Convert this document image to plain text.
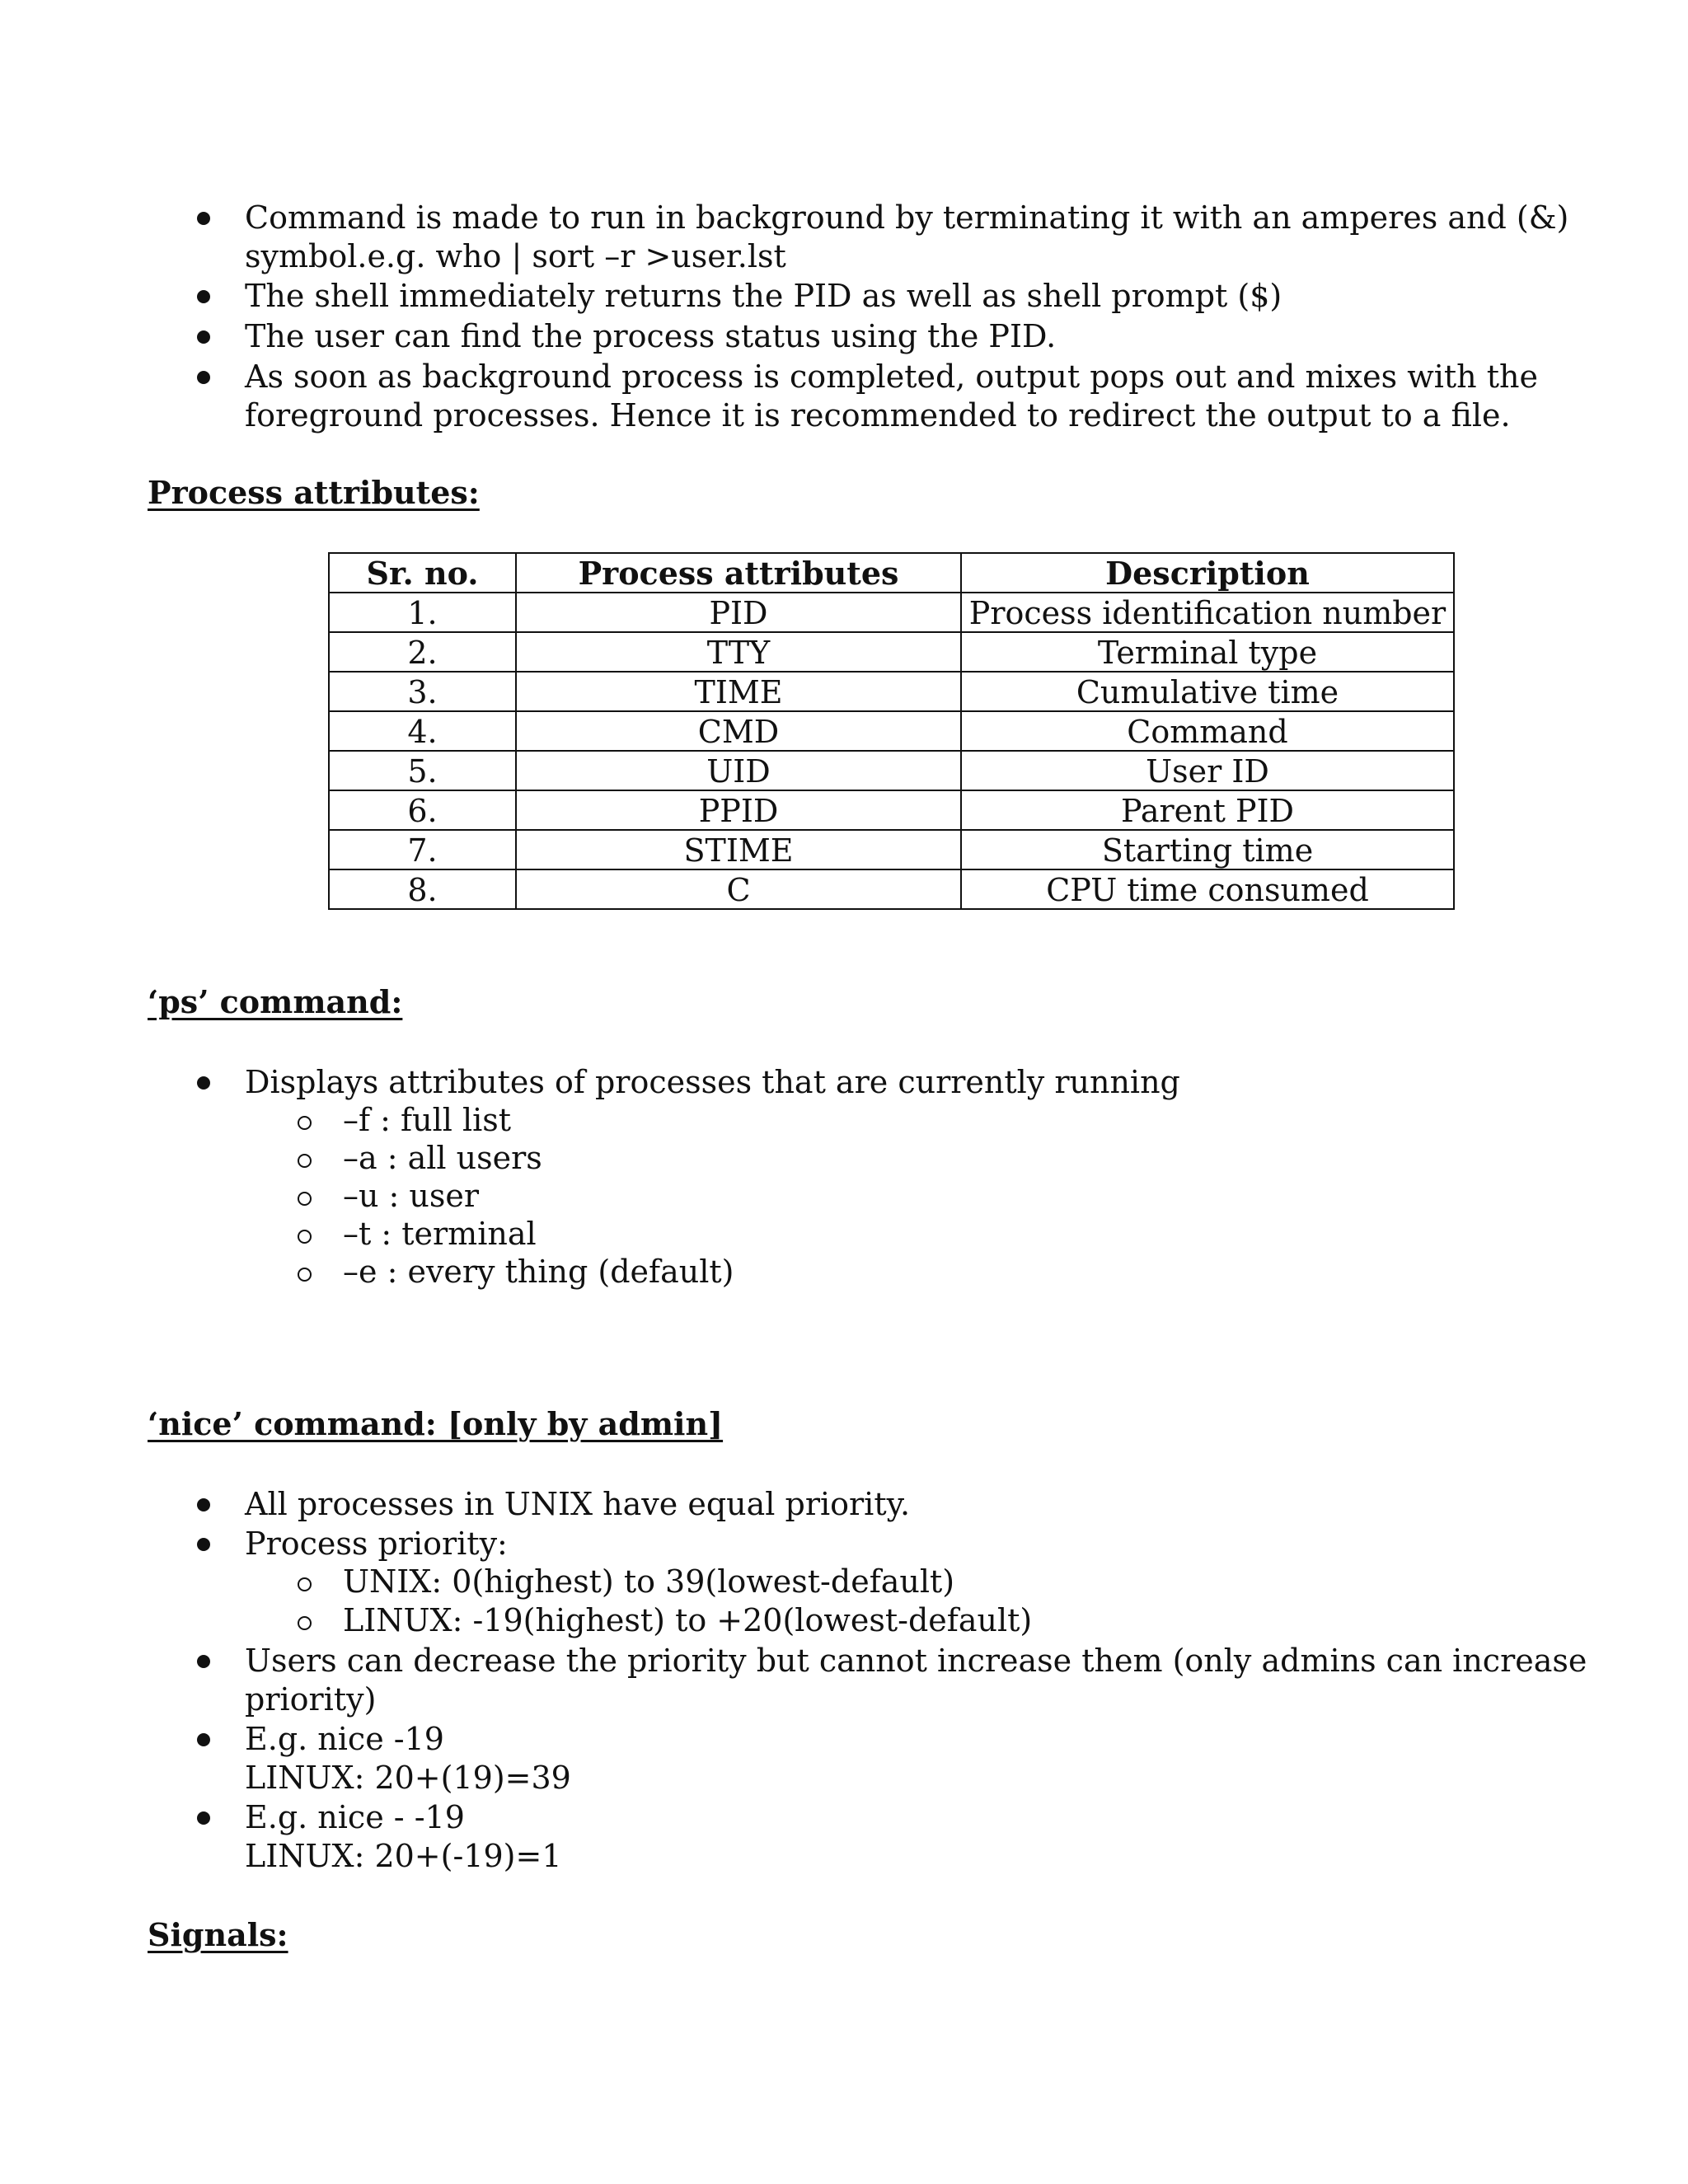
Command is made to run in background by terminating it with an amperes and (&)
symbol.e.g. who | sort –r >user.lst
The shell immediately returns the PID as well as shell prompt ($)
The user can find the process status using the PID.
As soon as background process is completed, output pops out and mixes with the
foreground processes. Hence it is recommended to redirect the output to a file.
Process attributes:
Sr. no.	Process attributes	Description
1.	PID	Process identification number
2.	TTY	Terminal type
3.	TIME	Cumulative time
4.	CMD	Command
5.	UID	User ID
6.	PPID	Parent PID
7.	STIME	Starting time
8.	C	CPU time consumed
‘ps’ command:
Displays attributes of processes that are currently running
–f : full list
–a : all users
–u : user
–t : terminal
–e : every thing (default)
‘nice’ command: [only by admin]
All processes in UNIX have equal priority.
Process priority:
UNIX: 0(highest) to 39(lowest-default)
LINUX: -19(highest) to +20(lowest-default)
Users can decrease the priority but cannot increase them (only admins can increase
priority)
E.g. nice -19
LINUX: 20+(19)=39
E.g. nice - -19
LINUX: 20+(-19)=1
Signals:
